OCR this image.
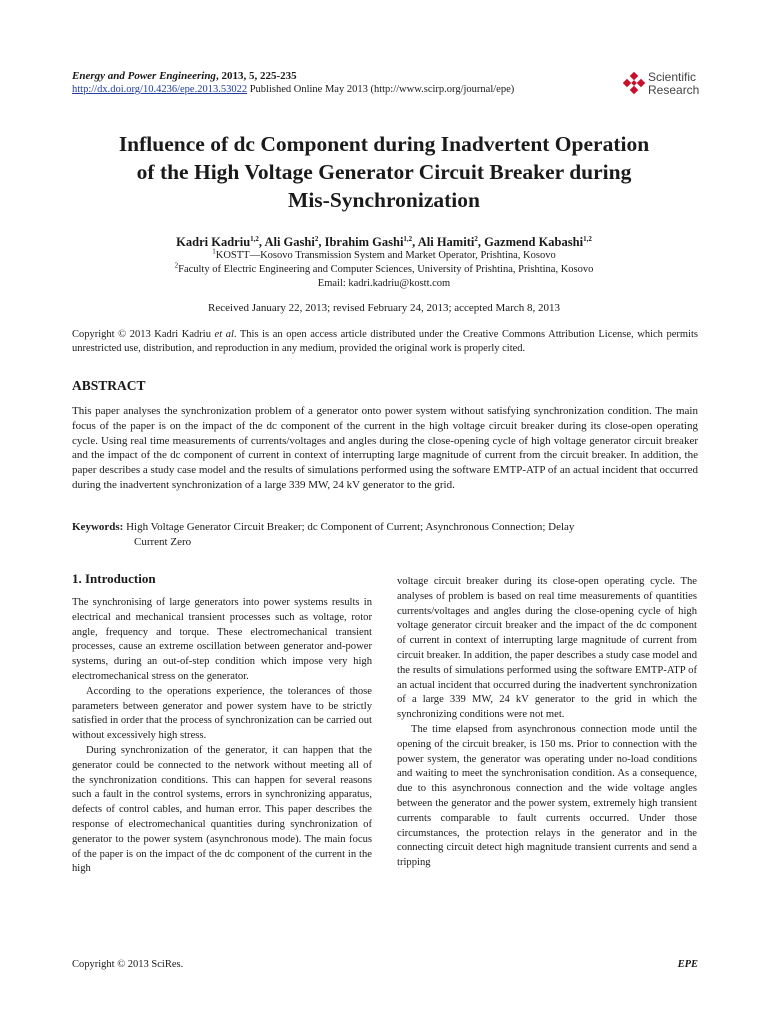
Energy and Power Engineering, 2013, 5, 225-235
http://dx.doi.org/10.4236/epe.2013.53022 Published Online May 2013 (http://www.scirp.org/journal/epe)
Scientific
Research
Influence of dc Component during Inadvertent Operation
of the High Voltage Generator Circuit Breaker during
Mis-Synchronization
Kadri Kadriu$^{1,2}$, Ali Gashi$^2$, Ibrahim Gashi$^{1,2}$, Ali Hamiti$^2$, Gazmend Kabashi$^{1,2}$
$^1$KOSTT—Kosovo Transmission System and Market Operator, Prishtina, Kosovo
$^2$Faculty of Electric Engineering and Computer Sciences, University of Prishtina, Prishtina, Kosovo
Email: kadri.kadriu@kostt.com
Received January 22, 2013; revised February 24, 2013; accepted March 8, 2013
Copyright © 2013 Kadri Kadriu et al. This is an open access article distributed under the Creative Commons Attribution License, which permits unrestricted use, distribution, and reproduction in any medium, provided the original work is properly cited.
ABSTRACT
This paper analyses the synchronization problem of a generator onto power system without satisfying synchronization condition. The main focus of the paper is on the impact of the dc component of the current in the high voltage circuit breaker during its close-open operating cycle. Using real time measurements of currents/voltages and angles during the close-opening cycle of high voltage generator circuit breaker and the impact of the dc component of current in context of interrupting large magnitude of current from the circuit breaker. In addition, the paper describes a study case model and the results of simulations performed using the software EMTP-ATP of an actual incident that occurred during the inadvertent synchronization of a large 339 MW, 24 kV generator to the grid.
Keywords: High Voltage Generator Circuit Breaker; dc Component of Current; Asynchronous Connection; Delay
Current Zero
1. Introduction

The synchronising of large generators into power systems results in electrical and mechanical transient processes such as voltage, rotor angle, frequency and torque. These electromechanical transient processes, cause an extreme oscillation between generator and-power systems, during an out-of-step condition which impose very high electromechanical stress on the generator.

According to the operations experience, the tolerances of those parameters between generator and power system have to be strictly satisfied in order that the process of synchronization can be carried out without excessively high stress.

During synchronization of the generator, it can happen that the generator could be connected to the network without meeting all of the synchronization conditions. This can happen for several reasons such a fault in the control systems, errors in synchronizing apparatus, defects of control cables, and human error. This paper describes the response of electromechanical quantities during synchronization of generator to the power system (asynchronous mode). The main focus of the paper is on the impact of the dc component of the current in the high

voltage circuit breaker during its close-open operating cycle. The analyses of problem is based on real time measurements of quantities currents/voltages and angles during the close-opening cycle of high voltage generator circuit breaker and the impact of the dc component of current in context of interrupting large magnitude of current from circuit breaker. In addition, the paper describes a study case model and the results of simulations performed using the software EMTP-ATP of an actual incident that occurred during the inadvertent synchronization of a large 339 MW, 24 kV generator to the grid in which the synchronizing conditions were not met.

The time elapsed from asynchronous connection mode until the opening of the circuit breaker, is 150 ms. Prior to connection with the power system, the generator was operating under no-load conditions and waiting to meet the synchronisation condition. As a consequence, due to this asynchronous connection and the wide voltage angles between the generator and the power system, extremely high transient currents comparable to fault currents occurred. Under those circumstances, the protection relays in the generator and in the connecting circuit detect high magnitude transient currents and send a tripping

Copyright © 2013 SciRes.	EPE
